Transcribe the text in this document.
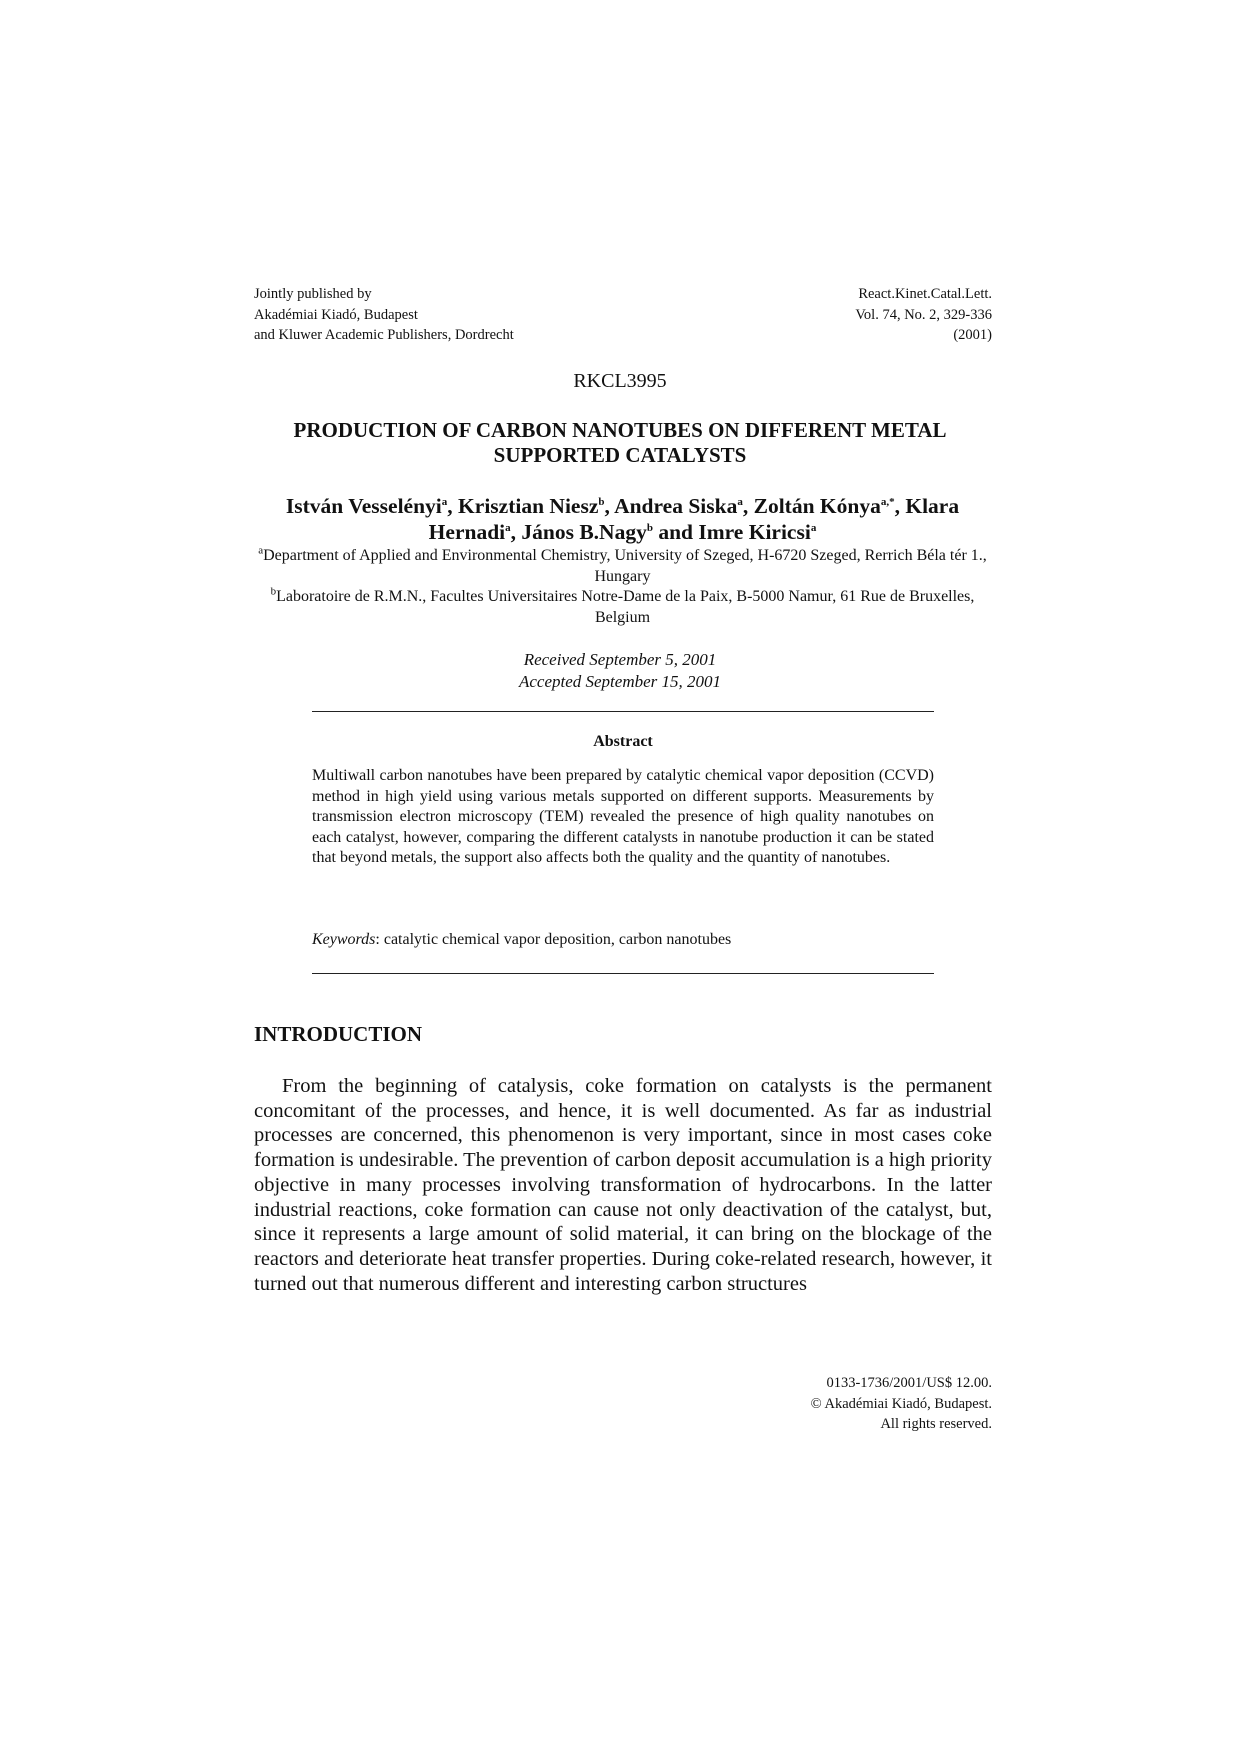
Jointly published by
Akadémiai Kiadó, Budapest
and Kluwer Academic Publishers, Dordrecht
React.Kinet.Catal.Lett.
Vol. 74, No. 2, 329-336
(2001)
RKCL3995
PRODUCTION OF CARBON NANOTUBES ON DIFFERENT METAL
SUPPORTED CATALYSTS
István Vesselényi$^a$, Krisztian Niesz$^b$, Andrea Siska$^a$, Zoltán Kónya$^{a,*}$, Klara Hernadi$^a$, János B.Nagy$^b$ and Imre Kiricsi$^a$
$^a$Department of Applied and Environmental Chemistry, University of Szeged, H-6720 Szeged, Rerrich Béla tér 1., Hungary
$^b$Laboratoire de R.M.N., Facultes Universitaires Notre-Dame de la Paix, B-5000 Namur, 61 Rue de Bruxelles, Belgium
Received September 5, 2001
Accepted September 15, 2001
Abstract
Multiwall carbon nanotubes have been prepared by catalytic chemical vapor deposition (CCVD) method in high yield using various metals supported on different supports. Measurements by transmission electron microscopy (TEM) revealed the presence of high quality nanotubes on each catalyst, however, comparing the different catalysts in nanotube production it can be stated that beyond metals, the support also affects both the quality and the quantity of nanotubes.
Keywords: catalytic chemical vapor deposition, carbon nanotubes
INTRODUCTION
From the beginning of catalysis, coke formation on catalysts is the permanent concomitant of the processes, and hence, it is well documented. As far as industrial processes are concerned, this phenomenon is very important, since in most cases coke formation is undesirable. The prevention of carbon deposit accumulation is a high priority objective in many processes involving transformation of hydrocarbons. In the latter industrial reactions, coke formation can cause not only deactivation of the catalyst, but, since it represents a large amount of solid material, it can bring on the blockage of the reactors and deteriorate heat transfer properties. During coke-related research, however, it turned out that numerous different and interesting carbon structures
0133-1736/2001/US$ 12.00.
© Akadémiai Kiadó, Budapest.
All rights reserved.
